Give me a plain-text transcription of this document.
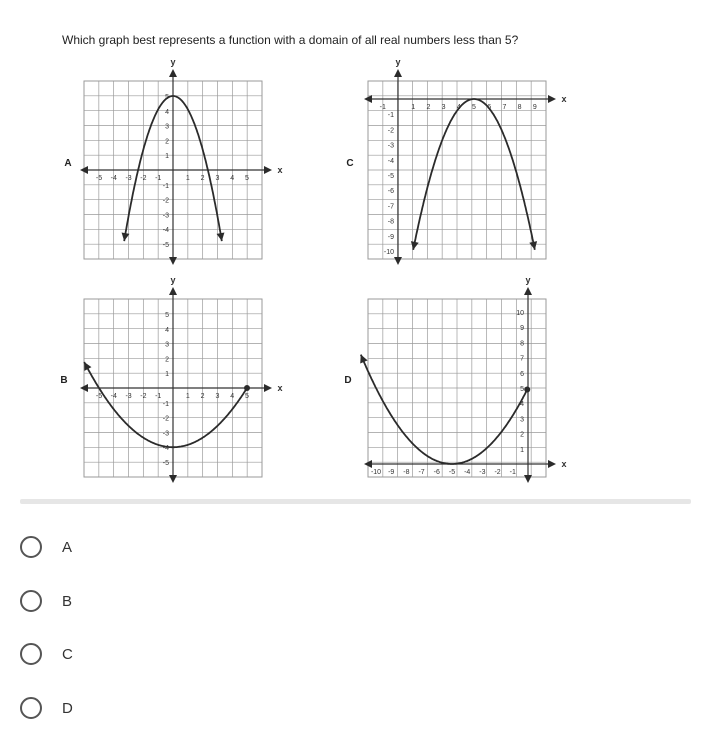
Which graph best represents a function with a domain of all real numbers less than 5?
x
y
-5 -4 -3 -2 -1	1 2 3 4 5
5
4
3
2
1
-1
-2
-3
-4
-5
A
x
y
-1	1 2 3 4 5 6 7 8 9
-1
-2
-3
-4
-5
-6
-7
-8
-9
-10
C
x
y
-5 -4 -3 -2 -1	1 2 3 4 5
5
4
3
2
1
-1
-2
-3
-4
-5
B
x
y
-10 -9 -8 -7 -6 -5 -4 -3 -2 -1
10
9
8
7
6
5
4
3
2
1
D
A
B
C
D
